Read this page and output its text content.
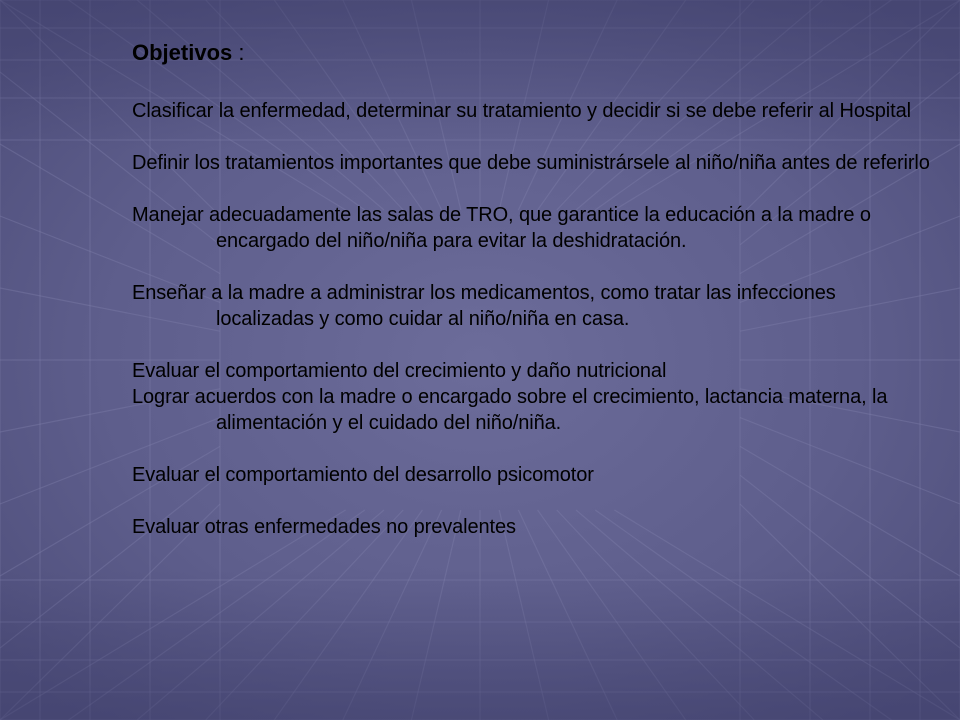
Objetivos :
Clasificar la enfermedad, determinar su tratamiento y decidir si se debe referir al Hospital
Definir los tratamientos importantes que debe suministrársele al niño/niña antes de referirlo
Manejar adecuadamente las salas de TRO, que garantice la educación a la madre o encargado del niño/niña para evitar la deshidratación.
Enseñar a la madre a administrar los medicamentos, como tratar las infecciones localizadas y como cuidar al niño/niña en casa.
Evaluar el comportamiento del crecimiento y daño nutricional
Lograr acuerdos con la madre o encargado sobre el crecimiento, lactancia materna, la alimentación y el cuidado del niño/niña.
Evaluar el comportamiento del desarrollo psicomotor
Evaluar otras enfermedades no prevalentes
